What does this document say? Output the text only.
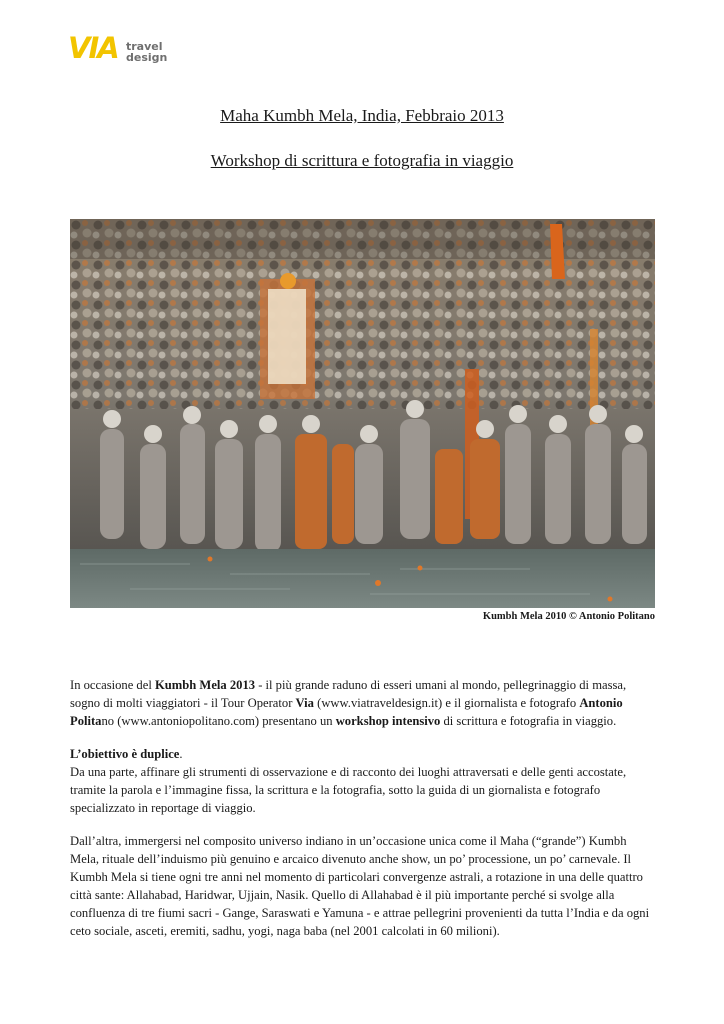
VIA travel
design
Maha Kumbh Mela, India, Febbraio 2013
Workshop di scrittura e fotografia in viaggio
Kumbh Mela 2010 © Antonio Politano

In occasione del Kumbh Mela 2013 - il più grande raduno di esseri umani al mondo, pellegrinaggio di massa, sogno di molti viaggiatori - il Tour Operator Via (www.viatraveldesign.it) e il giornalista e fotografo Antonio Politano (www.antoniopolitano.com) presentano un workshop intensivo di scrittura e fotografia in viaggio.

L’obiettivo è duplice.

Da una parte, affinare gli strumenti di osservazione e di racconto dei luoghi attraversati e delle genti accostate, tramite la parola e l’immagine fissa, la scrittura e la fotografia, sotto la guida di un giornalista e fotografo specializzato in reportage di viaggio.

Dall’altra, immergersi nel composito universo indiano in un’occasione unica come il Maha (“grande”) Kumbh Mela, rituale dell’induismo più genuino e arcaico divenuto anche show, un po’ processione, un po’ carnevale. Il Kumbh Mela si tiene ogni tre anni nel momento di particolari convergenze astrali, a rotazione in una delle quattro città sante: Allahabad, Haridwar, Ujjain, Nasik. Quello di Allahabad è il più importante perché si svolge alla confluenza di tre fiumi sacri - Gange, Saraswati e Yamuna - e attrae pellegrini provenienti da tutta l’India e da ogni ceto sociale, asceti, eremiti, sadhu, yogi, naga baba (nel 2001 calcolati in 60 milioni).
